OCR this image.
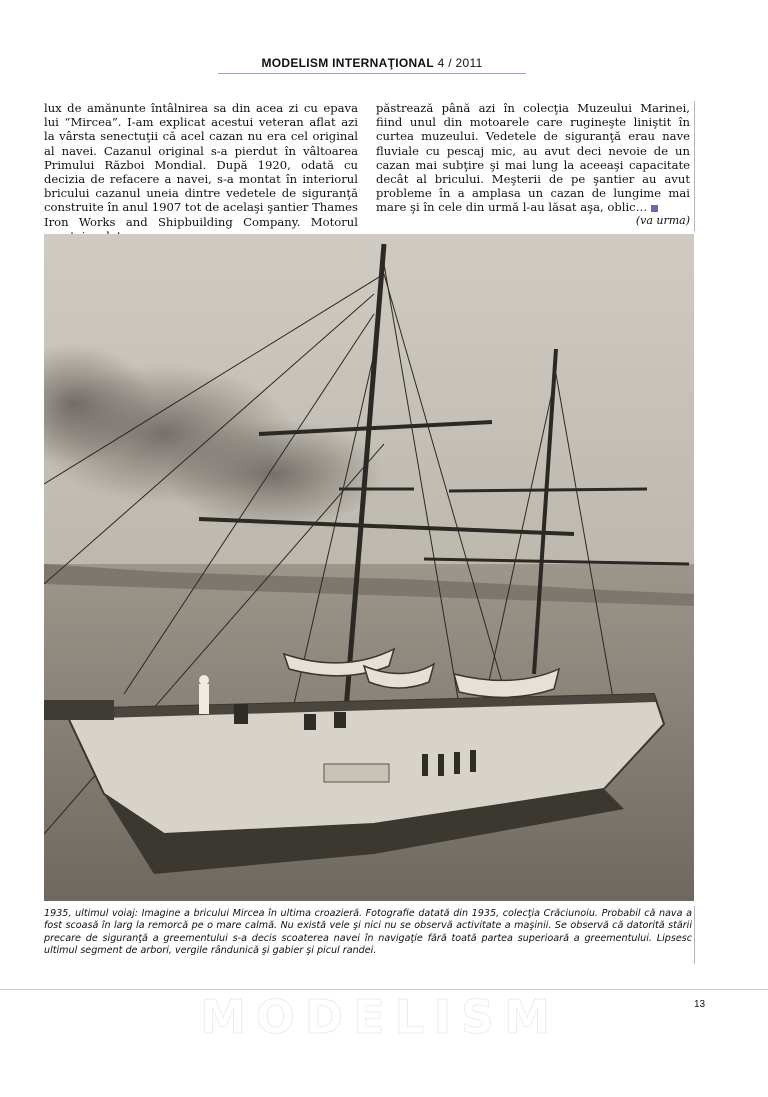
MODELISM INTERNAŢIONAL 4 / 2011
lux de amănunte întâlnirea sa din acea zi cu epava lui “Mircea”. I-am explicat acestui veteran aflat azi la vârsta senectuţii că acel cazan nu era cel original al navei. Cazanul original s-a pierdut în vâltoarea Primului Război Mondial. După 1920, odată cu decizia de refacere a navei, s-a montat în interiorul bricului cazanul uneia dintre vedetele de siguranţă construite în anul 1907 tot de acelaşi şantier Thames Iron Works and Shipbuilding Company. Motorul
păstrează până azi în colecţia Muzeului Marinei, fiind unul din motoarele care rugineşte liniştit în curtea muzeului. Vedetele de siguranţă erau nave fluviale cu pescaj mic, au avut deci nevoie de un cazan mai subţire şi mai lung la aceeaşi capacitate decât al bricului. Meşterii de pe şantier au avut probleme în a amplasa un cazan de lungime mai mare şi în cele din urmă l-au lăsat aşa, oblic…
(va urma)
1935, ultimul voiaj: Imagine a bricului Mircea în ultima croazieră. Fotografie datată din 1935, colecţia Crăciunoiu. Probabil că nava a fost scoasă în larg la remorcă pe o mare calmă. Nu există vele şi nici nu se observă activitate a maşinii. Se observă că datorită stării precare de siguranţă a greementului s-a decis scoaterea navei în navigaţie fără toată partea superioară a greementului. Lipsesc ultimul segment de arbori, vergile rândunică şi gabier şi picul randei.
MODELISM	13
